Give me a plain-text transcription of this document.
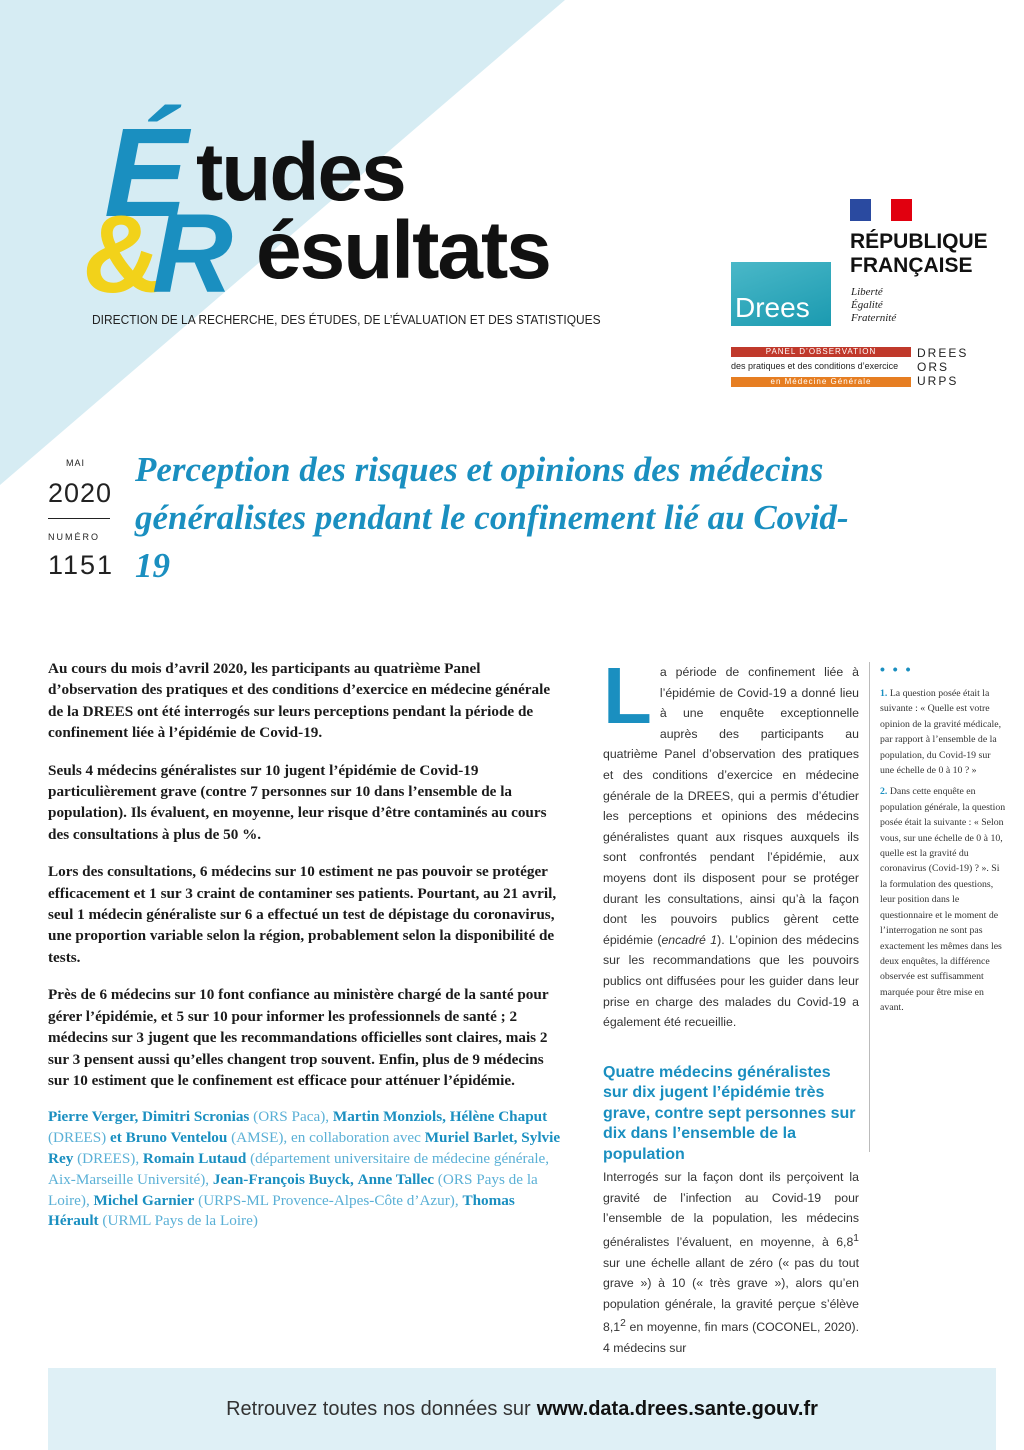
É tudes
&
R ésultats
DIRECTION DE LA RECHERCHE, DES ÉTUDES, DE L’ÉVALUATION ET DES STATISTIQUES
RÉPUBLIQUE
FRANÇAISE
Liberté
Égalité
Fraternité
Drees
PANEL D’OBSERVATION
des pratiques et des conditions d’exercice
en Médecine Générale
DREES
ORS
URPS
MAI
2020
NUMÉRO
1151
Perception des risques et opinions des médecins généralistes pendant le confinement lié au Covid-19

Au cours du mois d’avril 2020, les participants au quatrième Panel d’observation des pratiques et des conditions d’exercice en médecine générale de la DREES ont été interrogés sur leurs perceptions pendant la période de confinement liée à l’épidémie de Covid-19.

Seuls 4 médecins généralistes sur 10 jugent l’épidémie de Covid-19 particulièrement grave (contre 7 personnes sur 10 dans l’ensemble de la population). Ils évaluent, en moyenne, leur risque d’être contaminés au cours des consultations à plus de 50 %.

Lors des consultations, 6 médecins sur 10 estiment ne pas pouvoir se protéger efficacement et 1 sur 3 craint de contaminer ses patients. Pourtant, au 21 avril, seul 1 médecin généraliste sur 6 a effectué un test de dépistage du coronavirus, une proportion variable selon la région, probablement selon la disponibilité de tests.

Près de 6 médecins sur 10 font confiance au ministère chargé de la santé pour gérer l’épidémie, et 5 sur 10 pour informer les professionnels de santé ; 2 médecins sur 3 jugent que les recommandations officielles sont claires, mais 2 sur 3 pensent aussi qu’elles changent trop souvent. Enfin, plus de 9 médecins sur 10 estiment que le confinement est efficace pour atténuer l’épidémie.

Pierre Verger, Dimitri Scronias (ORS Paca), Martin Monziols, Hélène Chaput (DREES) et Bruno Ventelou (AMSE), en collaboration avec Muriel Barlet, Sylvie Rey (DREES), Romain Lutaud (département universitaire de médecine générale, Aix-Marseille Université), Jean-François Buyck, Anne Tallec (ORS Pays de la Loire), Michel Garnier (URPS-ML Provence-Alpes-Côte d’Azur), Thomas Hérault (URML Pays de la Loire)

La période de confinement liée à l’épidémie de Covid-19 a donné lieu à une enquête exceptionnelle auprès des participants au quatrième Panel d’observation des pratiques et des conditions d’exercice en médecine générale de la DREES, qui a permis d’étudier les perceptions et opinions des médecins généralistes quant aux risques auxquels ils sont confrontés pendant l’épidémie, aux moyens dont ils disposent pour se protéger durant les consultations, ainsi qu’à la façon dont les pouvoirs publics gèrent cette épidémie (encadré 1). L’opinion des médecins sur les recommandations que les pouvoirs publics ont diffusées pour les guider dans leur prise en charge des malades du Covid-19 a également été recueillie.

Quatre médecins généralistes sur dix jugent l’épidémie très grave, contre sept personnes sur dix dans l’ensemble de la population

Interrogés sur la façon dont ils perçoivent la gravité de l’infection au Covid-19 pour l’ensemble de la population, les médecins généralistes l’évaluent, en moyenne, à $6,8^1$ sur une échelle allant de zéro (« pas du tout grave ») à 10 (« très grave »), alors qu’en population générale, la gravité perçue s’élève $8,1^2$ en moyenne, fin mars (COCONEL, 2020). 4 médecins sur

• • •

1. La question posée était la suivante : « Quelle est votre opinion de la gravité médicale, par rapport à l’ensemble de la population, du Covid-19 sur une échelle de 0 à 10 ? »

2. Dans cette enquête en population générale, la question posée était la suivante : « Selon vous, sur une échelle de 0 à 10, quelle est la gravité du coronavirus (Covid-19) ? ». Si la formulation des questions, leur position dans le questionnaire et le moment de l’interrogation ne sont pas exactement les mêmes dans les deux enquêtes, la différence observée est suffisamment marquée pour être mise en avant.

Retrouvez toutes nos données sur www.data.drees.sante.gouv.fr
